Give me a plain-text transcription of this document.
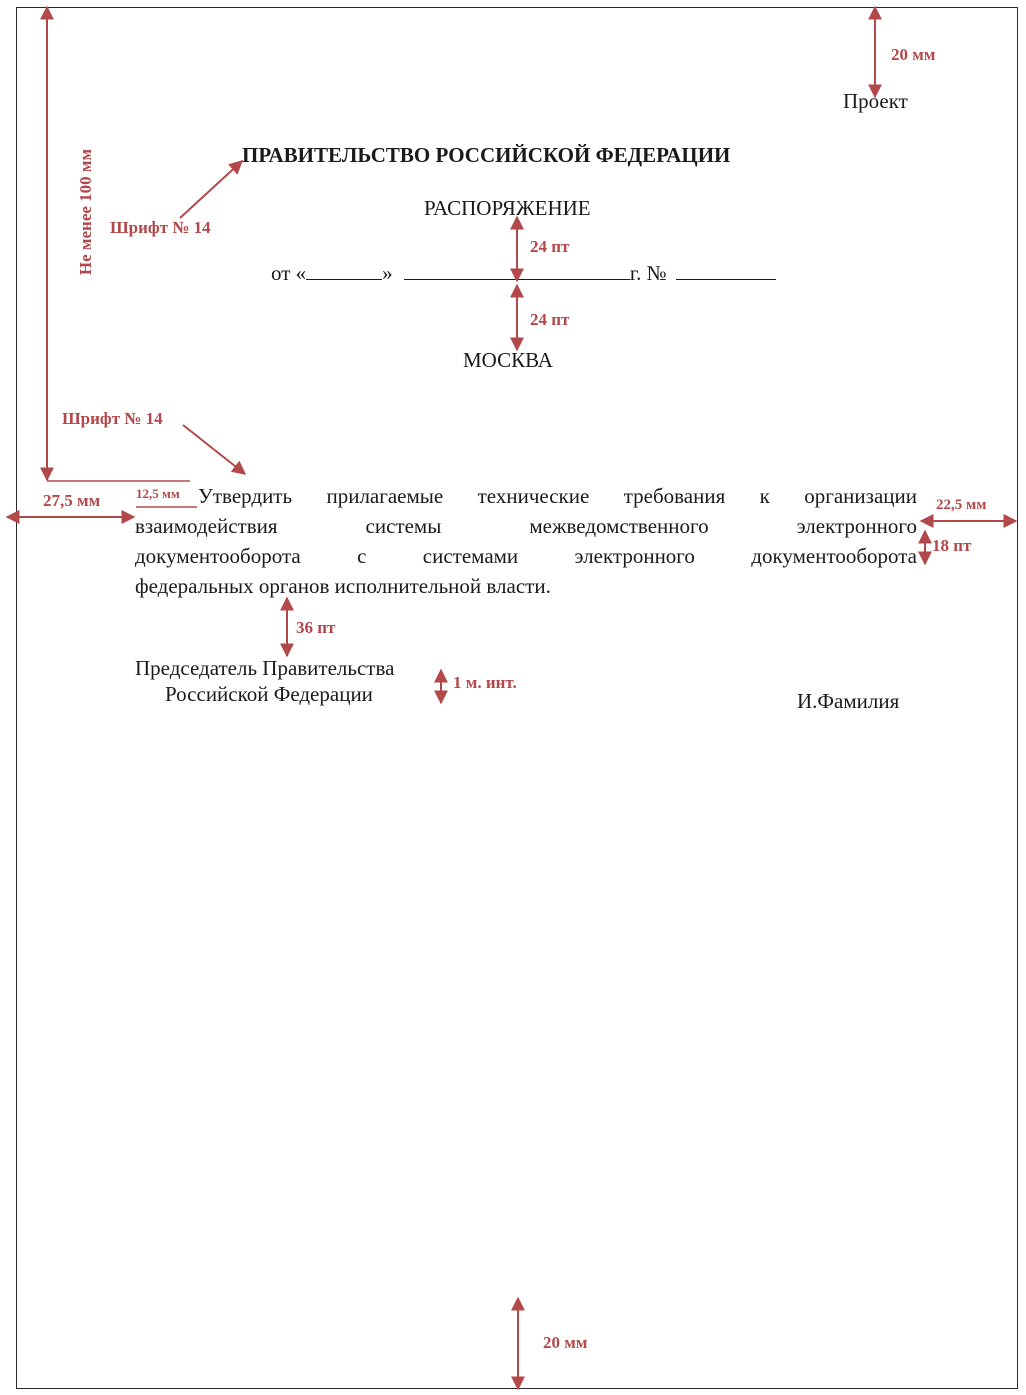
Проект
ПРАВИТЕЛЬСТВО РОССИЙСКОЙ ФЕДЕРАЦИИ
РАСПОРЯЖЕНИЕ
от «	»	г. №
МОСКВА
Утвердить прилагаемые технические требования к организации
взаимодействия системы межведомственного электронного
документооборота с системами электронного документооборота
федеральных органов исполнительной власти.
Председатель Правительства
Российской Федерации	И.Фамилия
20 мм
Не менее 100 мм Шрифт № 14
24 пт
24 пт
Шрифт № 14
27,5 мм	12,5 мм
22,5 мм
18 пт
36 пт
1 м. инт.
20 мм
